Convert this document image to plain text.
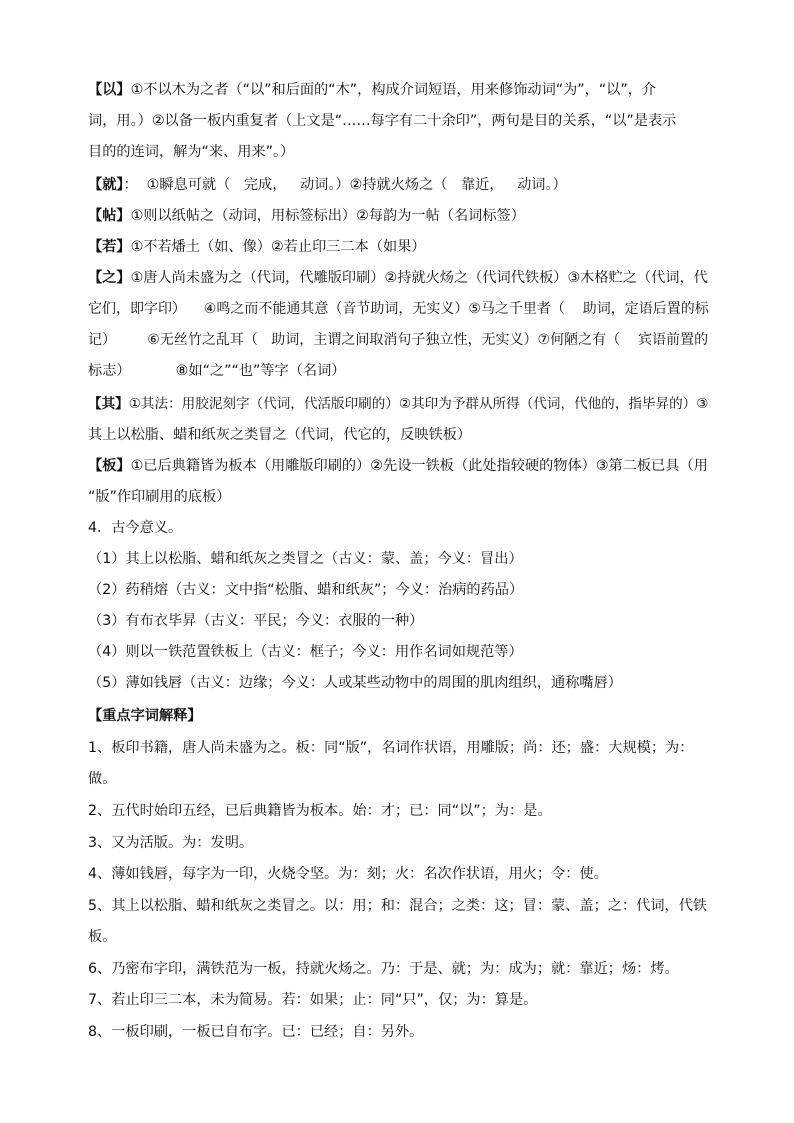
【以】①不以木为之者（“以”和后面的“木”，构成介词短语，用来修饰动词“为”，“以”，介
词，用。）②以备一板内重复者（上文是“……每字有二十余印”，两句是目的关系，“以”是表示
目的的连词，解为“来、用来”。）
【就】：  ①瞬息可就（   完成，   动词。）②持就火炀之（   靠近，   动词。）
【帖】①则以纸帖之（动词，用标签标出）②每韵为一帖（名词标签）
【若】①不若燔土（如、像）②若止印三二本（如果）
【之】①唐人尚未盛为之（代词，代雕版印刷）②持就火炀之（代词代铁板）③木格贮之（代词，代
它们，即字印）    ④鸣之而不能通其意（音节助词，无实义）⑤马之千里者（    助词，定语后置的标
记）       ⑥无丝竹之乱耳（   助词，主谓之间取消句子独立性，无实义）⑦何陋之有（    宾语前置的
标志）          ⑧如“之”“也”等字（名词）
【其】①其法：用胶泥刻字（代词，代活版印刷的）②其印为予群从所得（代词，代他的，指毕昇的）③
其上以松脂、蜡和纸灰之类冒之（代词，代它的，反映铁板）
【板】①已后典籍皆为板本（用雕版印刷的）②先设一铁板（此处指较硬的物体）③第二板已具（用
“版”作印刷用的底板）
4．古今意义。
（1）其上以松脂、蜡和纸灰之类冒之（古义：蒙、盖；今义：冒出）
（2）药稍熔（古义：文中指“松脂、蜡和纸灰”；今义：治病的药品）
（3）有布衣毕昇（古义：平民；今义：衣服的一种）
（4）则以一铁范置铁板上（古义：框子；今义：用作名词如规范等）
（5）薄如钱唇（古义：边缘；今义：人或某些动物中的周围的肌肉组织，通称嘴唇）
【重点字词解释】
1、板印书籍，唐人尚未盛为之。板：同“版”，名词作状语，用雕版；尚：还；盛：大规模；为：
做。
2、五代时始印五经，已后典籍皆为板本。始：才；已：同“以”；为：是。
3、又为活版。为：发明。
4、薄如钱唇，每字为一印，火烧令坚。为：刻；火：名次作状语，用火；令：使。
5、其上以松脂、蜡和纸灰之类冒之。以：用；和：混合；之类：这；冒：蒙、盖；之：代词，代铁
板。
6、乃密布字印，满铁范为一板，持就火炀之。乃：于是、就；为：成为；就：靠近；炀：烤。
7、若止印三二本，未为简易。若：如果；止：同“只”，仅；为：算是。
8、一板印刷，一板已自布字。已：已经；自：另外。
